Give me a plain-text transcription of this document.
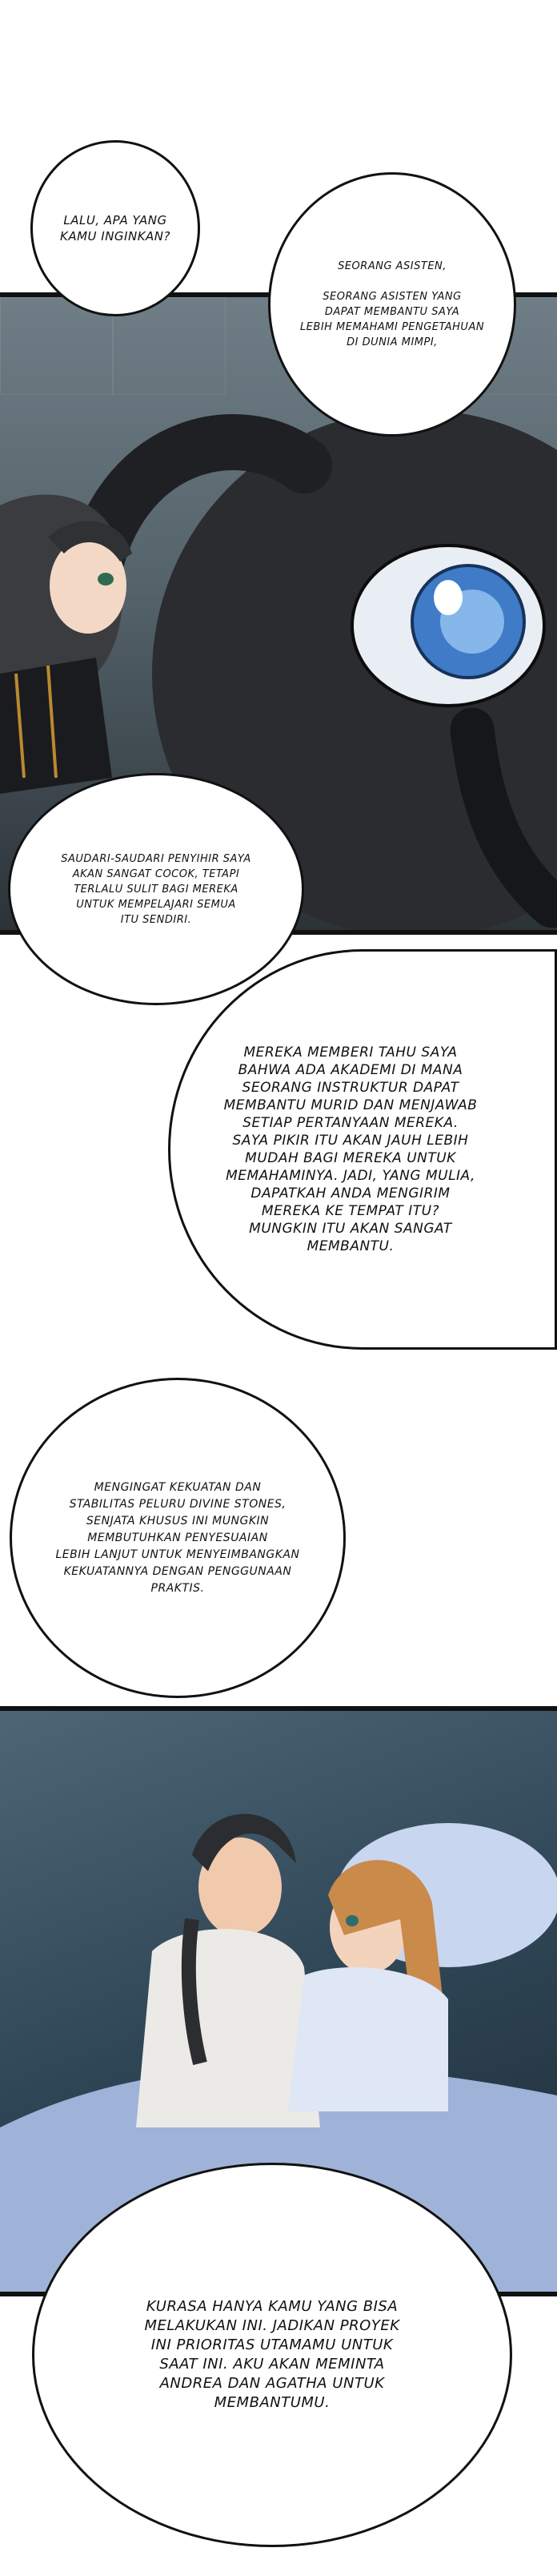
LALU, APA YANG
KAMU INGINKAN?
SEORANG ASISTEN,

SEORANG ASISTEN YANG
DAPAT MEMBANTU SAYA
LEBIH MEMAHAMI PENGETAHUAN
DI DUNIA MIMPI,
SAUDARI-SAUDARI PENYIHIR SAYA
AKAN SANGAT COCOK, TETAPI
TERLALU SULIT BAGI MEREKA
UNTUK MEMPELAJARI SEMUA
ITU SENDIRI.
MEREKA MEMBERI TAHU SAYA
BAHWA ADA AKADEMI DI MANA
SEORANG INSTRUKTUR DAPAT
MEMBANTU MURID DAN MENJAWAB
SETIAP PERTANYAAN MEREKA.
SAYA PIKIR ITU AKAN JAUH LEBIH
MUDAH BAGI MEREKA UNTUK
MEMAHAMINYA. JADI, YANG MULIA,
DAPATKAH ANDA MENGIRIM
MEREKA KE TEMPAT ITU?
MUNGKIN ITU AKAN SANGAT
MEMBANTU.
MENGINGAT KEKUATAN DAN
STABILITAS PELURU DIVINE STONES,
SENJATA KHUSUS INI MUNGKIN
MEMBUTUHKAN PENYESUAIAN
LEBIH LANJUT UNTUK MENYEIMBANGKAN
KEKUATANNYA DENGAN PENGGUNAAN
PRAKTIS.
KURASA HANYA KAMU YANG BISA
MELAKUKAN INI. JADIKAN PROYEK
INI PRIORITAS UTAMAMU UNTUK
SAAT INI. AKU AKAN MEMINTA
ANDREA DAN AGATHA UNTUK
MEMBANTUMU.
